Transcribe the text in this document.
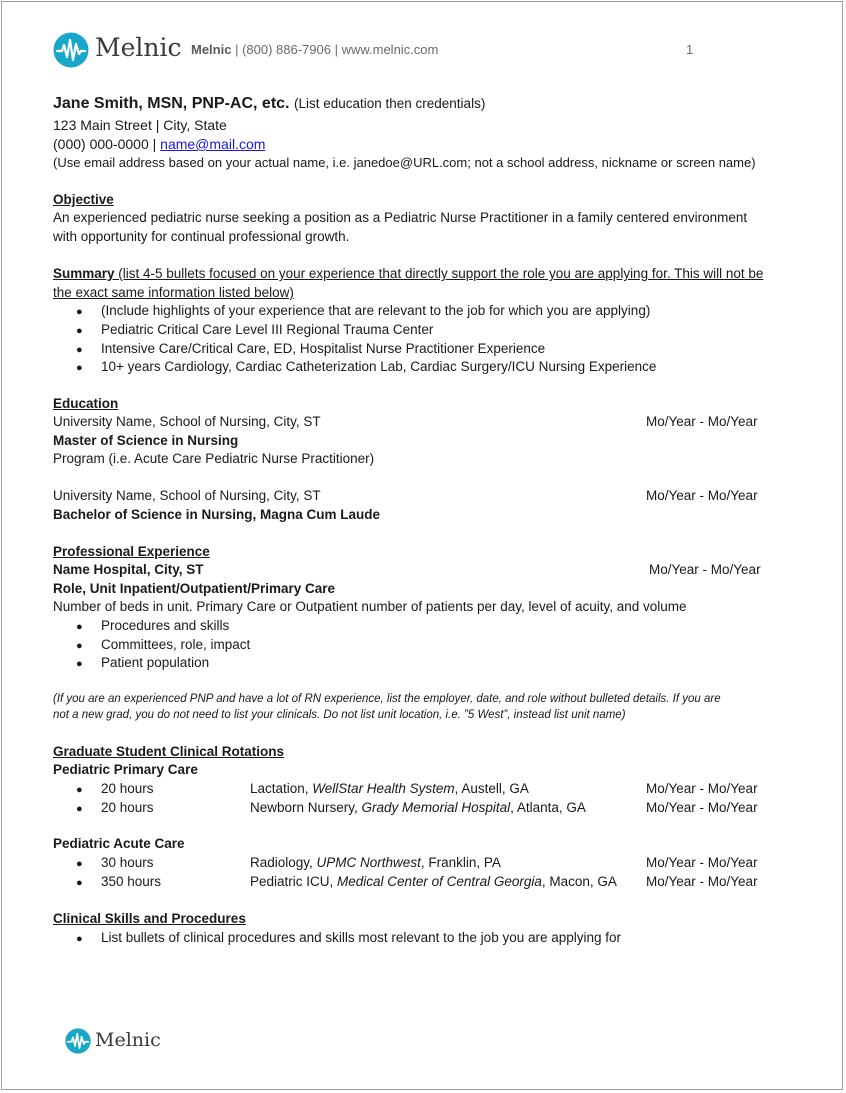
Melnic Melnic | (800) 886-7906 | www.melnic.com	1
Jane Smith, MSN, PNP-AC, etc. (List education then credentials)
123 Main Street | City, State
(000) 000-0000 | name@mail.com
(Use email address based on your actual name, i.e. janedoe@URL.com; not a school address, nickname or screen name)
Objective
An experienced pediatric nurse seeking a position as a Pediatric Nurse Practitioner in a family centered environment
with opportunity for continual professional growth.
Summary (list 4-5 bullets focused on your experience that directly support the role you are applying for. This will not be
the exact same information listed below)
● (Include highlights of your experience that are relevant to the job for which you are applying)
● Pediatric Critical Care Level III Regional Trauma Center
● Intensive Care/Critical Care, ED, Hospitalist Nurse Practitioner Experience
● 10+ years Cardiology, Cardiac Catheterization Lab, Cardiac Surgery/ICU Nursing Experience
Education
University Name, School of Nursing, City, ST	Mo/Year - Mo/Year
Master of Science in Nursing
Program (i.e. Acute Care Pediatric Nurse Practitioner)
University Name, School of Nursing, City, ST	Mo/Year - Mo/Year
Bachelor of Science in Nursing, Magna Cum Laude
Professional Experience
Name Hospital, City, ST	Mo/Year - Mo/Year
Role, Unit Inpatient/Outpatient/Primary Care
Number of beds in unit. Primary Care or Outpatient number of patients per day, level of acuity, and volume
● Procedures and skills
● Committees, role, impact
● Patient population
(If you are an experienced PNP and have a lot of RN experience, list the employer, date, and role without bulleted details. If you are
not a new grad, you do not need to list your clinicals. Do not list unit location, i.e. ”5 West”, instead list unit name)
Graduate Student Clinical Rotations
Pediatric Primary Care
● 20 hours	Lactation, WellStar Health System, Austell, GA	Mo/Year - Mo/Year
● 20 hours	Newborn Nursery, Grady Memorial Hospital, Atlanta, GA	Mo/Year - Mo/Year
Pediatric Acute Care
● 30 hours	Radiology, UPMC Northwest, Franklin, PA	Mo/Year - Mo/Year
● 350 hours	Pediatric ICU, Medical Center of Central Georgia, Macon, GA Mo/Year - Mo/Year
Clinical Skills and Procedures
● List bullets of clinical procedures and skills most relevant to the job you are applying for
Melnic
